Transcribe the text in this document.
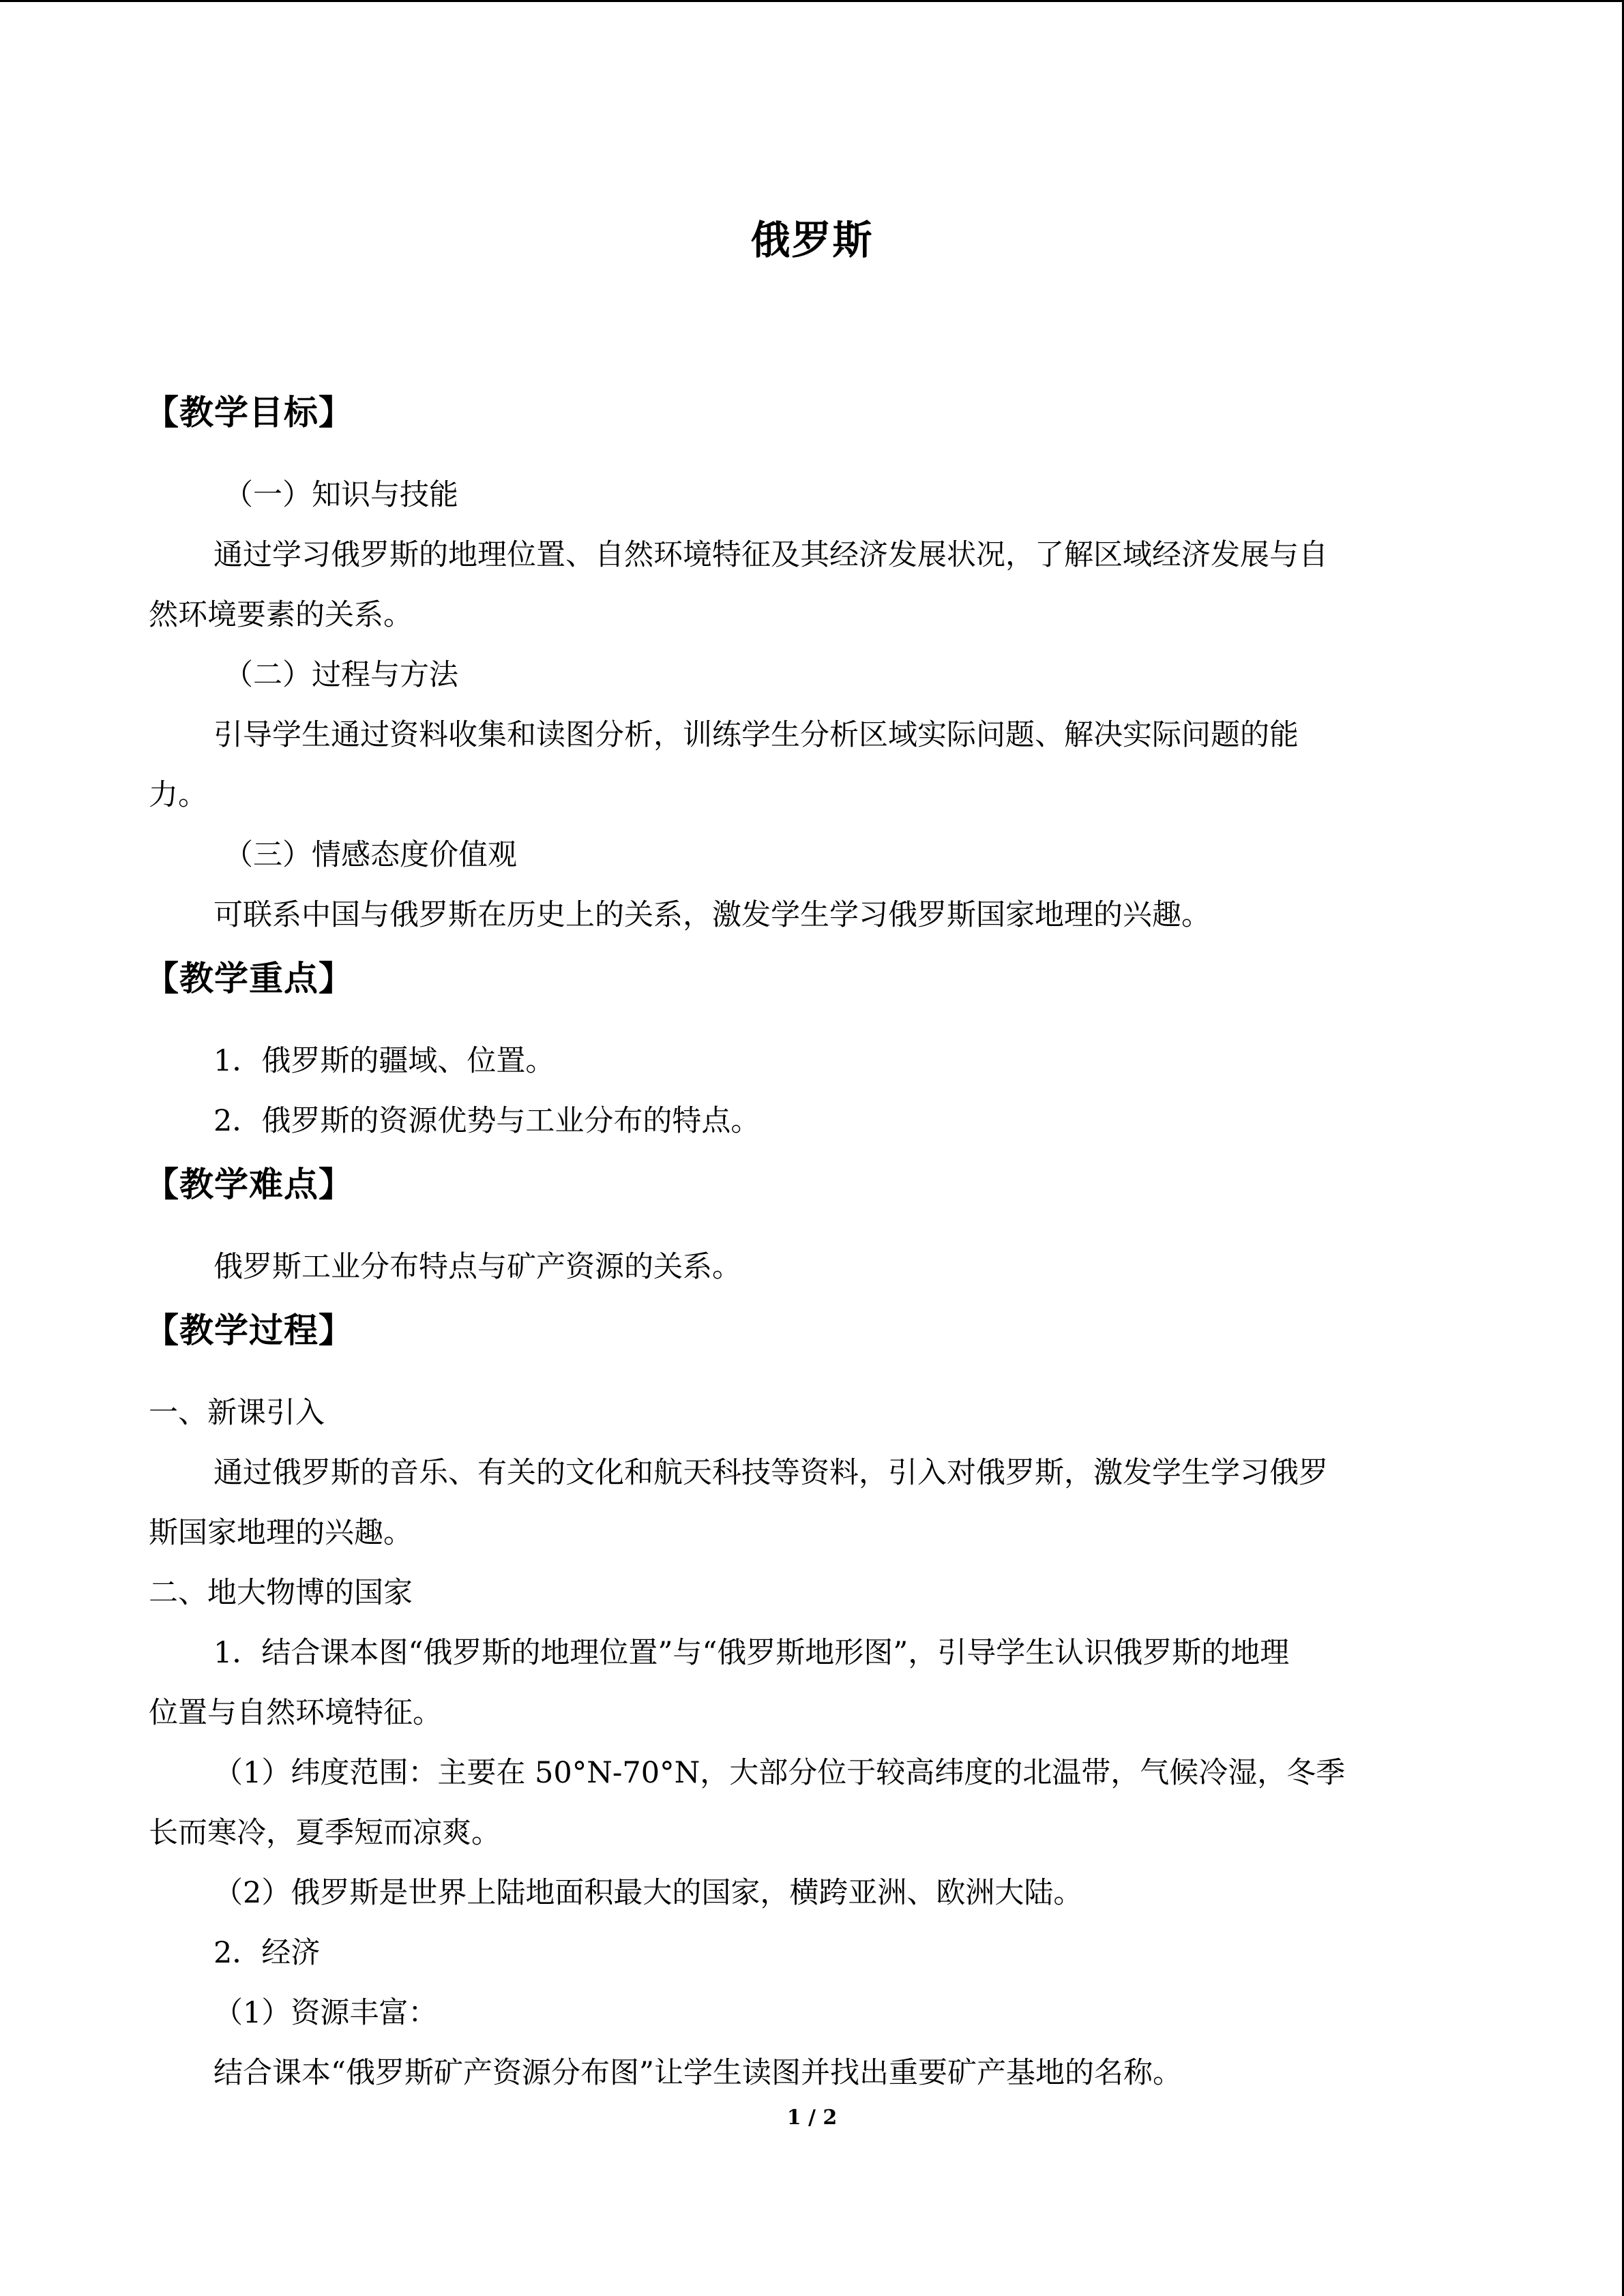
俄罗斯
【教学目标】
（一）知识与技能
通过学习俄罗斯的地理位置、自然环境特征及其经济发展状况，了解区域经济发展与自
然环境要素的关系。
（二）过程与方法
引导学生通过资料收集和读图分析，训练学生分析区域实际问题、解决实际问题的能
力。
（三）情感态度价值观
可联系中国与俄罗斯在历史上的关系，激发学生学习俄罗斯国家地理的兴趣。
【教学重点】
1．俄罗斯的疆域、位置。
2．俄罗斯的资源优势与工业分布的特点。
【教学难点】
俄罗斯工业分布特点与矿产资源的关系。
【教学过程】
一、新课引入
通过俄罗斯的音乐、有关的文化和航天科技等资料，引入对俄罗斯，激发学生学习俄罗
斯国家地理的兴趣。
二、地大物博的国家
1．结合课本图“俄罗斯的地理位置”与“俄罗斯地形图”，引导学生认识俄罗斯的地理
位置与自然环境特征。
（1）纬度范围：主要在 50°N-70°N，大部分位于较高纬度的北温带，气候冷湿，冬季
长而寒冷，夏季短而凉爽。
（2）俄罗斯是世界上陆地面积最大的国家，横跨亚洲、欧洲大陆。
2．经济
（1）资源丰富：
结合课本“俄罗斯矿产资源分布图”让学生读图并找出重要矿产基地的名称。
1 / 2
